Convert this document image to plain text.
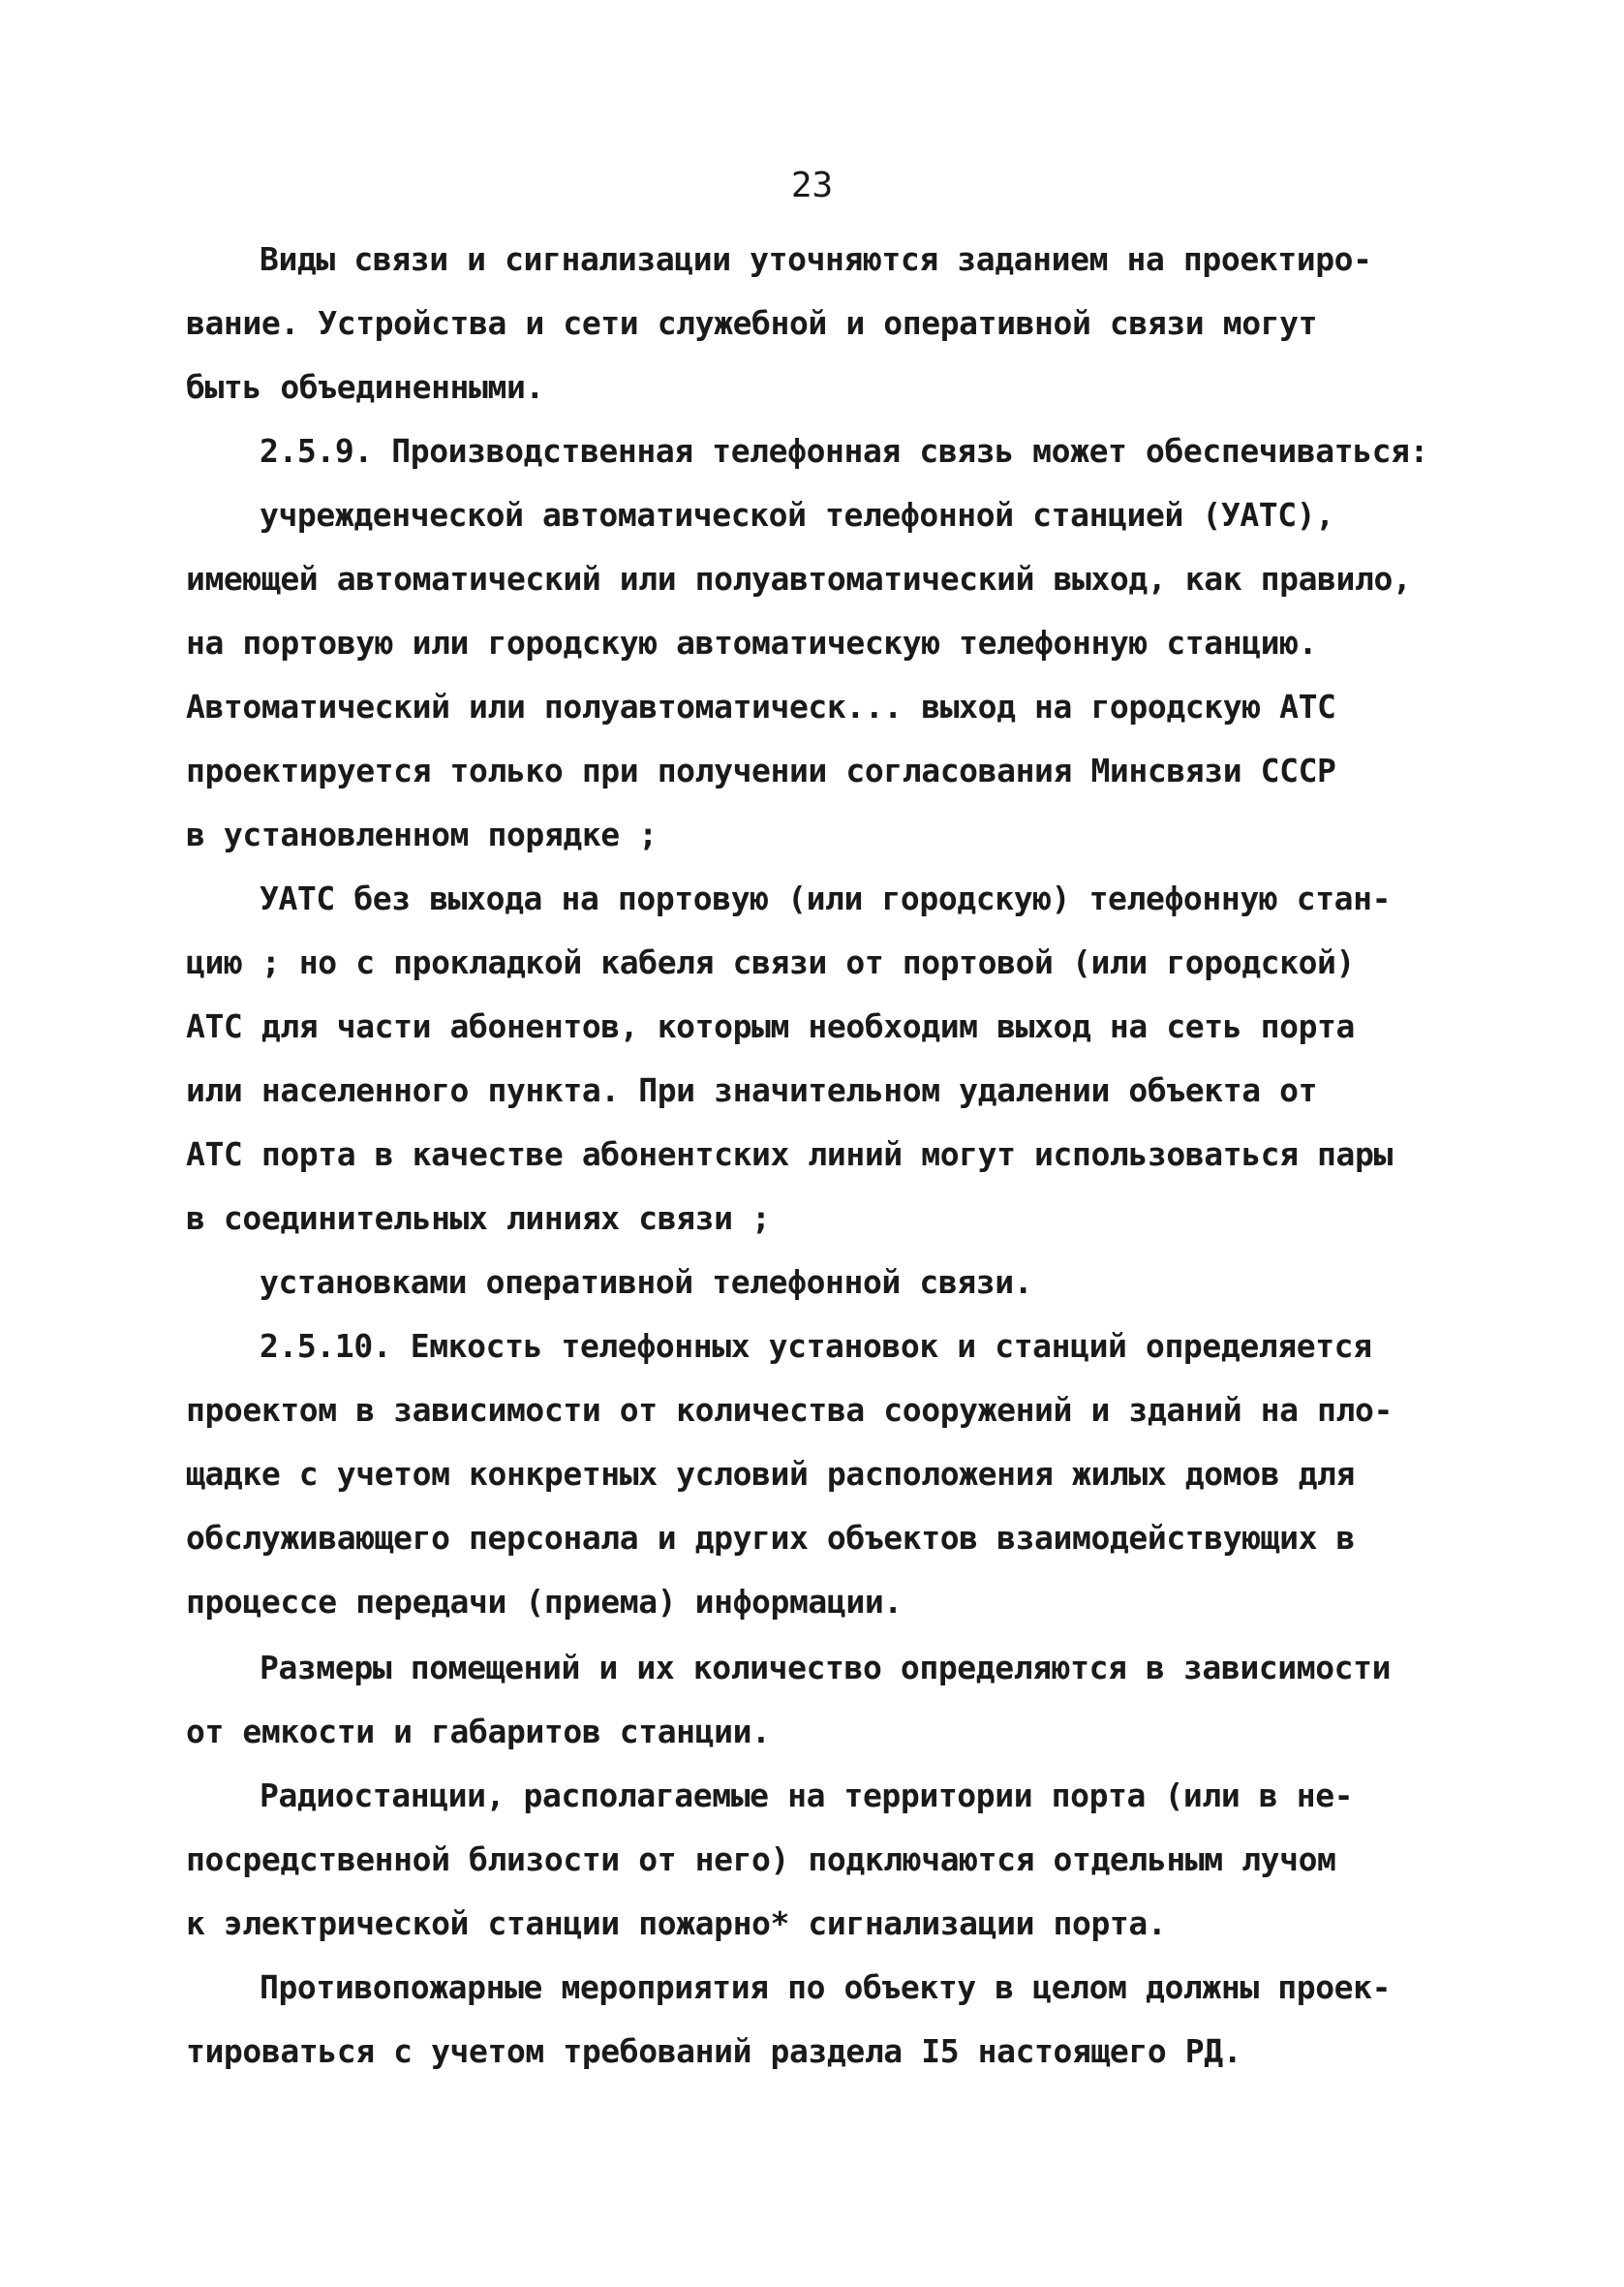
23
Виды связи и сигнализации уточняются заданием на проектиро-
вание. Устройства и сети служебной и оперативной связи могут
быть объединенными.
2.5.9. Производственная телефонная связь может обеспечиваться:
учрежденческой автоматической телефонной станцией (УАТС),
имеющей автоматический или полуавтоматический выход, как правило,
на портовую или городскую автоматическую телефонную станцию.
Автоматический или полуавтоматическ... выход на городскую АТС
проектируется только при получении согласования Минсвязи СССР
в установленном порядке ;
УАТС без выхода на портовую (или городскую) телефонную стан-
цию ; но с прокладкой кабеля связи от портовой (или городской)
АТС для части абонентов, которым необходим выход на сеть порта
или населенного пункта. При значительном удалении объекта от
АТС порта в качестве абонентских линий могут использоваться пары
в соединительных линиях связи ;
установками оперативной телефонной связи.
2.5.10. Емкость телефонных установок и станций определяется
проектом в зависимости от количества сооружений и зданий на пло-
щадке с учетом конкретных условий расположения жилых домов для
обслуживающего персонала и других объектов взаимодействующих в
процессе передачи (приема) информации.
Размеры помещений и их количество определяются в зависимости
от емкости и габаритов станции.
Радиостанции, располагаемые на территории порта (или в не-
посредственной близости от него) подключаются отдельным лучом
к электрической станции пожарно* сигнализации порта.
Противопожарные мероприятия по объекту в целом должны проек-
тироваться с учетом требований раздела I5 настоящего РД.
